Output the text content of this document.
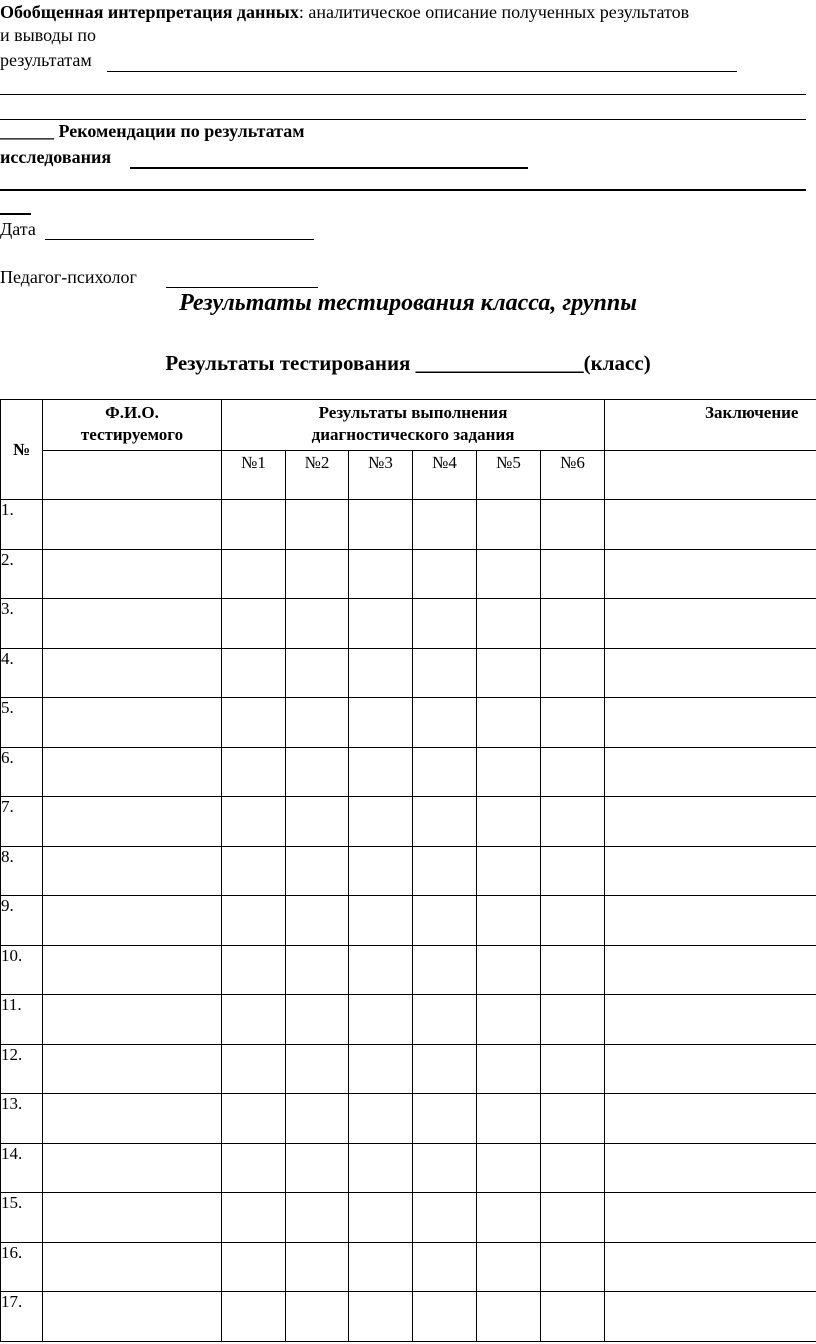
Обобщенная интерпретация данных: аналитическое описание полученных результатов
и выводы по
результатам
______ Рекомендации по результатам
исследования
Дата
Педагог-психолог
Результаты тестирования класса, группы
Результаты тестирования ________________(класс)
№	Ф.И.О. тестируемого	Результаты выполнения диагностического задания						Заключение

		№1	№2	№3	№4	№5	№6	
1.								
2.								
3.								
4.								
5.								
6.								
7.								
8.								
9.								
10.								
11.								
12.								
13.								
14.								
15.								
16.								
17.								
